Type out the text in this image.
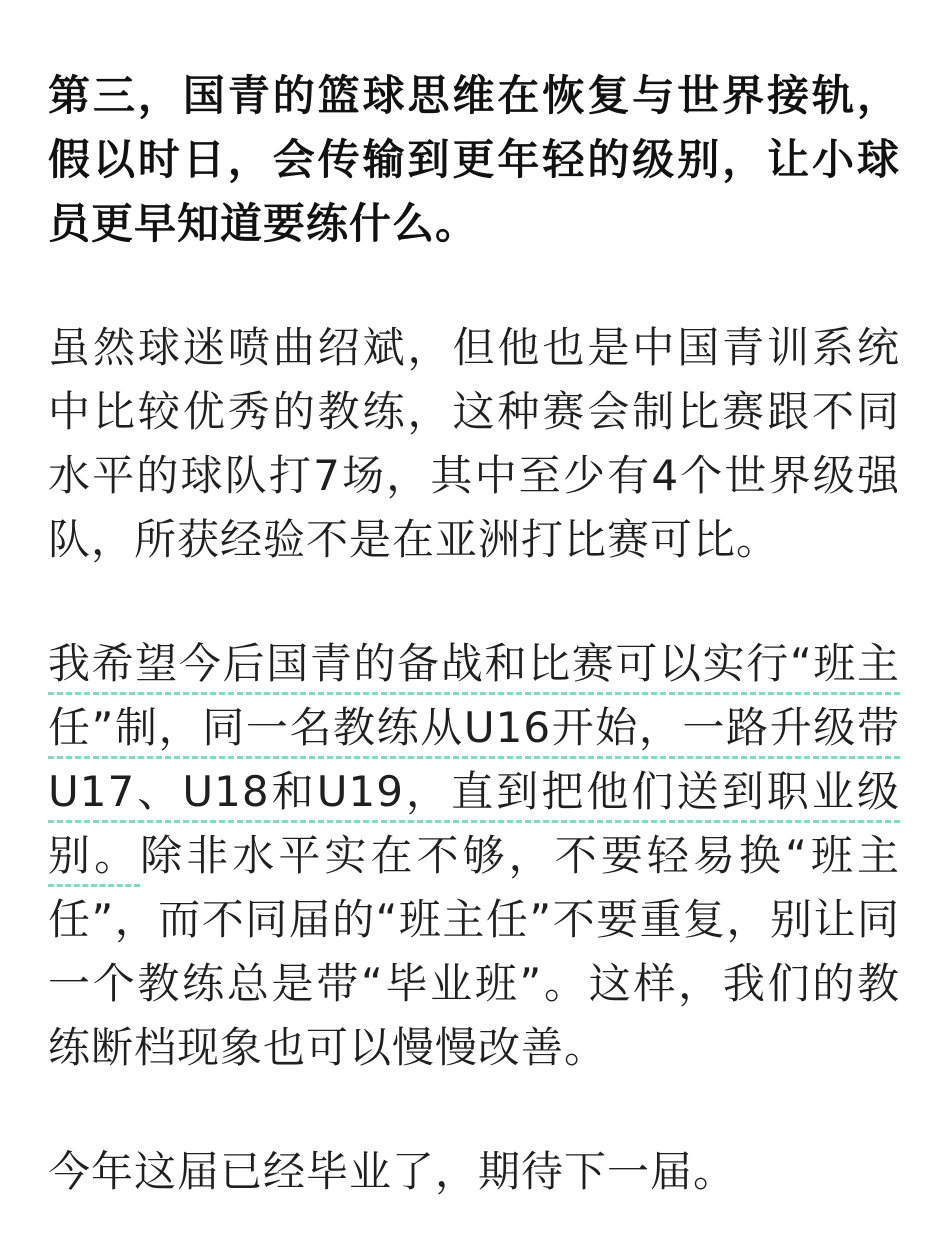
第三，国青的篮球思维在恢复与世界接轨，假以时日，会传输到更年轻的级别，让小球员更早知道要练什么。

虽然球迷喷曲绍斌，但他也是中国青训系统中比较优秀的教练，这种赛会制比赛跟不同水平的球队打7场，其中至少有4个世界级强队，所获经验不是在亚洲打比赛可比。

我希望今后国青的备战和比赛可以实行“班主任”制，同一名教练从U16开始，一路升级带U17、U18和U19，直到把他们送到职业级别。除非水平实在不够，不要轻易换“班主任”，而不同届的“班主任”不要重复，别让同一个教练总是带“毕业班”。这样，我们的教练断档现象也可以慢慢改善。

今年这届已经毕业了，期待下一届。
